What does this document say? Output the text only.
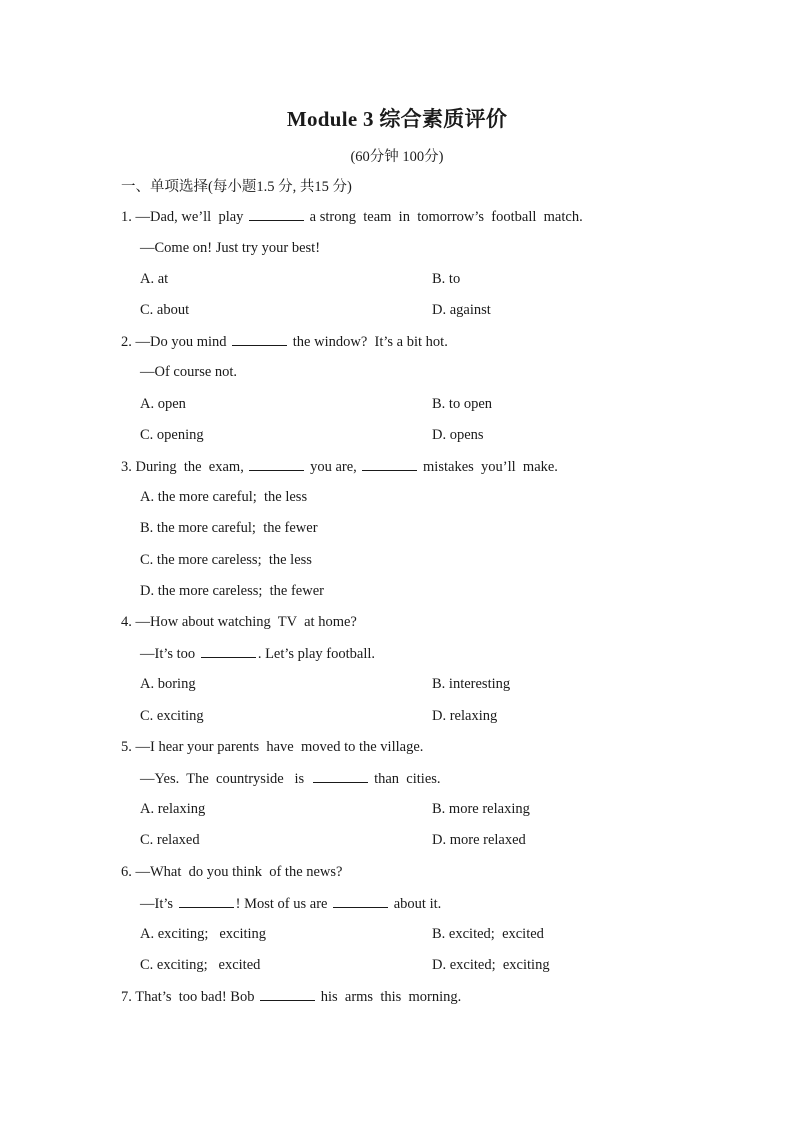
Module 3 综合素质评价
(60分钟 100分)
一、单项选择(每小题1.5 分, 共15 分)
1. —Dad, we’ll  play	a strong  team  in  tomorrow’s  football  match.
—Come on! Just try your best!
A. at	B. to
C. about	D. against
2. —Do you mind	the window?  It’s a bit hot.
—Of course not.
A. open	B. to open
C. opening	D. opens
3. During  the  exam,	you are,	mistakes  you’ll  make.
A. the more careful;  the less
B. the more careful;  the fewer
C. the more careless;  the less
D. the more careless;  the fewer
4. —How about watching  TV  at home?
—It’s too	. Let’s play football.
A. boring	B. interesting
C. exciting	D. relaxing
5. —I hear your parents  have  moved to the village.
—Yes.  The  countryside   is	than  cities.
A. relaxing	B. more relaxing
C. relaxed	D. more relaxed
6. —What  do you think  of the news?
—It’s	! Most of us are	about it.
A. exciting;   exciting	B. excited;  excited
C. exciting;   excited	D. excited;  exciting
7. That’s  too bad! Bob	his  arms  this  morning.
